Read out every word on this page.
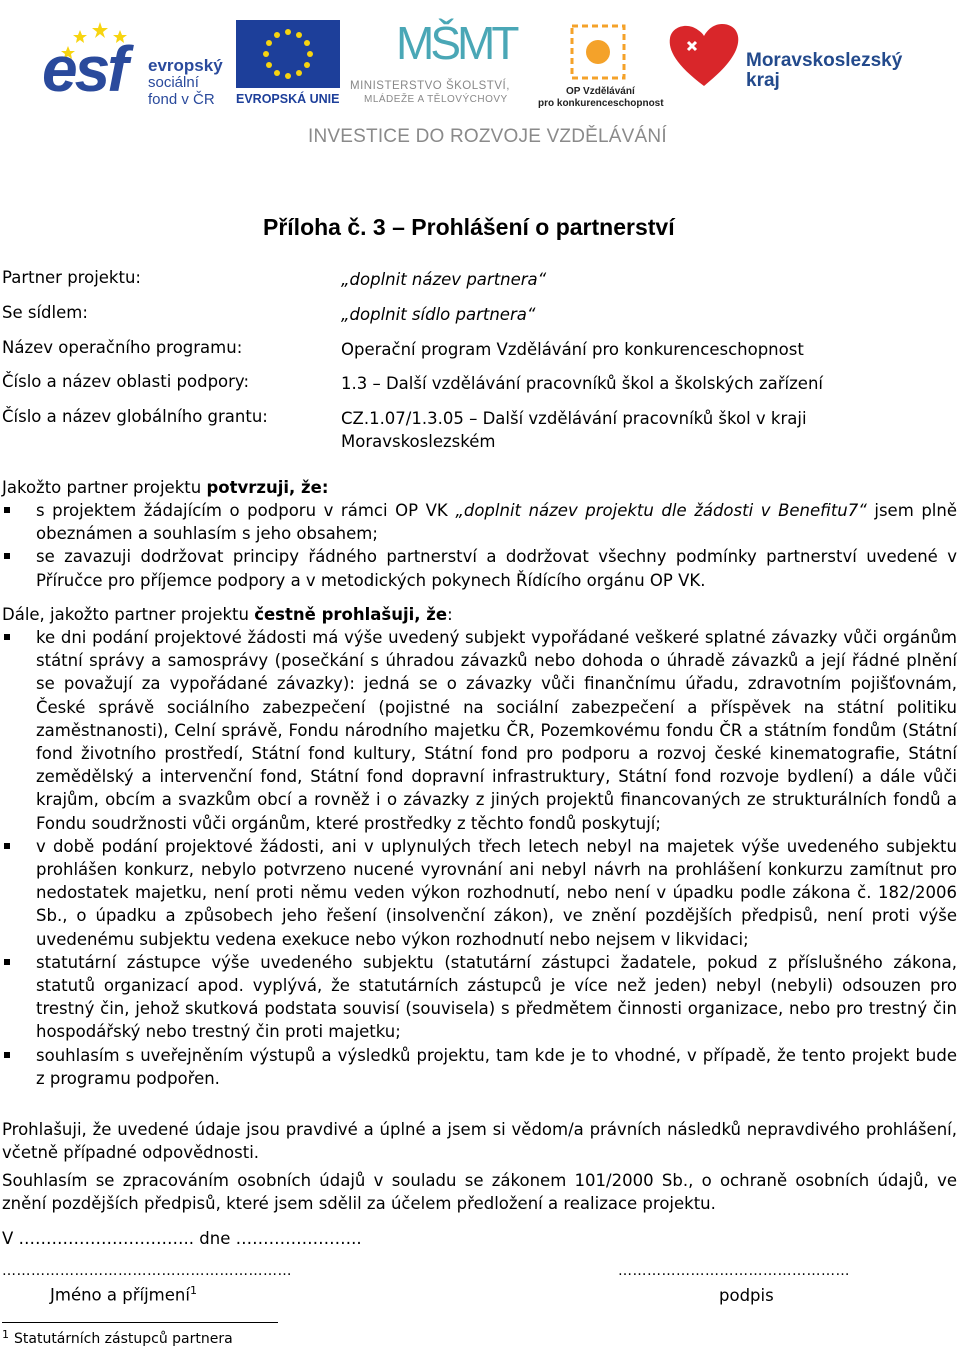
esf evropský
sociální
fond v ČR EVROPSKÁ UNIE
MŠMT
MINISTERSTVO ŠKOLSTVÍ,
MLÁDEŽE A TĚLOVÝCHOVY
OP Vzdělávání
pro konkurenceschopnost
Moravskoslezský
kraj
INVESTICE DO ROZVOJE VZDĚLÁVÁNÍ
Příloha č. 3 – Prohlášení o partnerství
Partner projektu:	„doplnit název partnera“
Se sídlem:	„doplnit sídlo partnera“
Název operačního programu:	Operační program Vzdělávání pro konkurenceschopnost
Číslo a název oblasti podpory:	1.3 – Další vzdělávání pracovníků škol a školských zařízení
Číslo a název globálního grantu:	CZ.1.07/1.3.05 – Další vzdělávání pracovníků škol v kraji
Moravskoslezském
Jakožto partner projektu potvrzuji, že:
s projektem žádajícím o podporu v rámci OP VK „doplnit název projektu dle žádosti v Benefitu7“ jsem plně obeznámen a souhlasím s jeho obsahem;
se zavazuji dodržovat principy řádného partnerství a dodržovat všechny podmínky partnerství uvedené v Příručce pro příjemce podpory a v metodických pokynech Řídícího orgánu OP VK.
Dále, jakožto partner projektu čestně prohlašuji, že:
ke dni podání projektové žádosti má výše uvedený subjekt vypořádané veškeré splatné závazky vůči orgánům státní správy a samosprávy (posečkání s úhradou závazků nebo dohoda o úhradě závazků a její řádné plnění se považují za vypořádané závazky): jedná se o závazky vůči finančnímu úřadu, zdravotním pojišťovnám, České správě sociálního zabezpečení (pojistné na sociální zabezpečení a příspěvek na státní politiku zaměstnanosti), Celní správě, Fondu národního majetku ČR, Pozemkovému fondu ČR a státním fondům (Státní fond životního prostředí, Státní fond kultury, Státní fond pro podporu a rozvoj české kinematografie, Státní zemědělský a intervenční fond, Státní fond dopravní infrastruktury, Státní fond rozvoje bydlení) a dále vůči krajům, obcím a svazkům obcí a rovněž i o závazky z jiných projektů financovaných ze strukturálních fondů a Fondu soudržnosti vůči orgánům, které prostředky z těchto fondů poskytují;
v době podání projektové žádosti, ani v uplynulých třech letech nebyl na majetek výše uvedeného subjektu prohlášen konkurz, nebylo potvrzeno nucené vyrovnání ani nebyl návrh na prohlášení konkurzu zamítnut pro nedostatek majetku, není proti němu veden výkon rozhodnutí, nebo není v úpadku podle zákona č. 182/2006 Sb., o úpadku a způsobech jeho řešení (insolvenční zákon), ve znění pozdějších předpisů, není proti výše uvedenému subjektu vedena exekuce nebo výkon rozhodnutí nebo nejsem v likvidaci;
statutární zástupce výše uvedeného subjektu (statutární zástupci žadatele, pokud z příslušného zákona, statutů organizací apod. vyplývá, že statutárních zástupců je více než jeden) nebyl (nebyli) odsouzen pro trestný čin, jehož skutková podstata souvisí (souvisela) s předmětem činnosti organizace, nebo pro trestný čin hospodářský nebo trestný čin proti majetku;
souhlasím s uveřejněním výstupů a výsledků projektu, tam kde je to vhodné, v případě, že tento projekt bude z programu podpořen.
Prohlašuji, že uvedené údaje jsou pravdivé a úplné a jsem si vědom/a právních následků nepravdivého prohlášení, včetně případné odpovědnosti.
Souhlasím se zpracováním osobních údajů v souladu se zákonem 101/2000 Sb., o ochraně osobních údajů, ve znění pozdějších předpisů, které jsem sdělil za účelem předložení a realizace projektu.
V ………………………….. dne …………………..
……………………………………………………	…………………………………………
Jméno a příjmení$^1$	podpis
$^1$ Statutárních zástupců partnera
